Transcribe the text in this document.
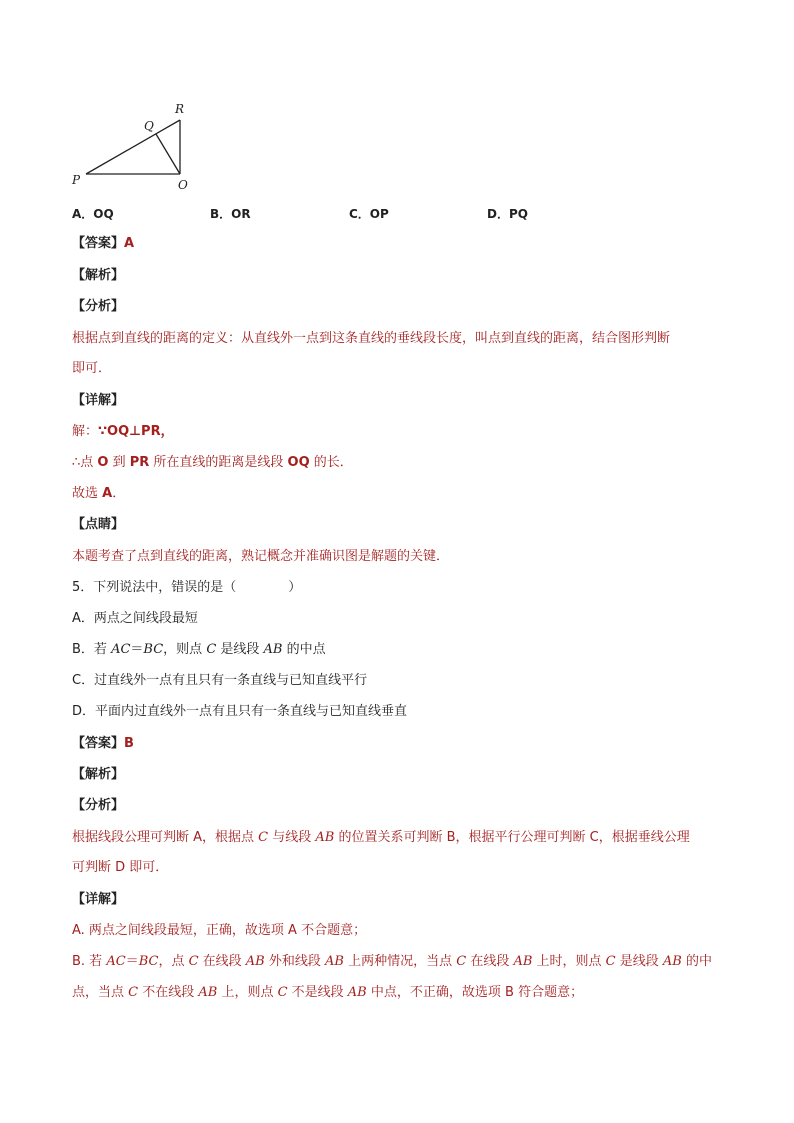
P
Q
R
O
A．OQ	B．OR	C．OP	D．PQ
【答案】A
【解析】
【分析】
根据点到直线的距离的定义：从直线外一点到这条直线的垂线段长度，叫点到直线的距离，结合图形判断
即可．
【详解】
解：∵OQ⊥PR，
∴点 O 到 PR 所在直线的距离是线段 OQ 的长．
故选 A．
【点睛】
本题考查了点到直线的距离，熟记概念并准确识图是解题的关键．
5．下列说法中，错误的是（　　　　）
A．两点之间线段最短
B．若 AC＝BC，则点 C 是线段 AB 的中点
C．过直线外一点有且只有一条直线与已知直线平行
D．平面内过直线外一点有且只有一条直线与已知直线垂直
【答案】B
【解析】
【分析】
根据线段公理可判断 A，根据点 C 与线段 AB 的位置关系可判断 B，根据平行公理可判断 C，根据垂线公理
可判断 D 即可．
【详解】
A. 两点之间线段最短，正确，故选项 A 不合题意；
B. 若 AC＝BC，点 C 在线段 AB 外和线段 AB 上两种情况，当点 C 在线段 AB 上时，则点 C 是线段 AB 的中
点，当点 C 不在线段 AB 上，则点 C 不是线段 AB 中点，不正确，故选项 B 符合题意；
